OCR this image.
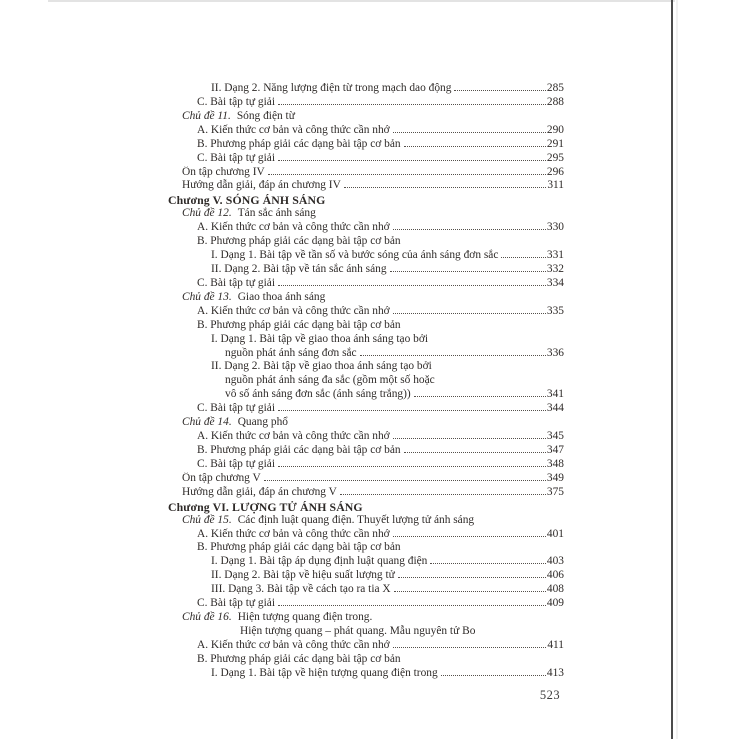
II. Dạng 2. Năng lượng điện từ trong mạch dao động	285
C. Bài tập tự giải	288
Chủ đề 11. Sóng điện từ
A. Kiến thức cơ bản và công thức cần nhớ	290
B. Phương pháp giải các dạng bài tập cơ bản	291
C. Bài tập tự giải	295
Ôn tập chương IV	296
Hướng dẫn giải, đáp án chương IV	311
Chương V. SÓNG ÁNH SÁNG
Chủ đề 12. Tán sắc ánh sáng
A. Kiến thức cơ bản và công thức cần nhớ	330
B. Phương pháp giải các dạng bài tập cơ bản
I. Dạng 1. Bài tập về tần số và bước sóng của ánh sáng đơn sắc	331
II. Dạng 2. Bài tập về tán sắc ánh sáng	332
C. Bài tập tự giải	334
Chủ đề 13. Giao thoa ánh sáng
A. Kiến thức cơ bản và công thức cần nhớ	335
B. Phương pháp giải các dạng bài tập cơ bản
I. Dạng 1. Bài tập về giao thoa ánh sáng tạo bởi
nguồn phát ánh sáng đơn sắc	336
II. Dạng 2. Bài tập về giao thoa ánh sáng tạo bởi
nguồn phát ánh sáng đa sắc (gồm một số hoặc
vô số ánh sáng đơn sắc (ánh sáng trắng))	341
C. Bài tập tự giải	344
Chủ đề 14. Quang phổ
A. Kiến thức cơ bản và công thức cần nhớ	345
B. Phương pháp giải các dạng bài tập cơ bản	347
C. Bài tập tự giải	348
Ôn tập chương V	349
Hướng dẫn giải, đáp án chương V	375
Chương VI. LƯỢNG TỬ ÁNH SÁNG
Chủ đề 15. Các định luật quang điện. Thuyết lượng tử ánh sáng
A. Kiến thức cơ bản và công thức cần nhớ	401
B. Phương pháp giải các dạng bài tập cơ bản
I. Dạng 1. Bài tập áp dụng định luật quang điện	403
II. Dạng 2. Bài tập về hiệu suất lượng tử	406
III. Dạng 3. Bài tập về cách tạo ra tia X	408
C. Bài tập tự giải	409
Chủ đề 16. Hiện tượng quang điện trong.
Hiện tượng quang – phát quang. Mẫu nguyên tử Bo
A. Kiến thức cơ bản và công thức cần nhớ	411
B. Phương pháp giải các dạng bài tập cơ bản
I. Dạng 1. Bài tập về hiện tượng quang điện trong	413
523
